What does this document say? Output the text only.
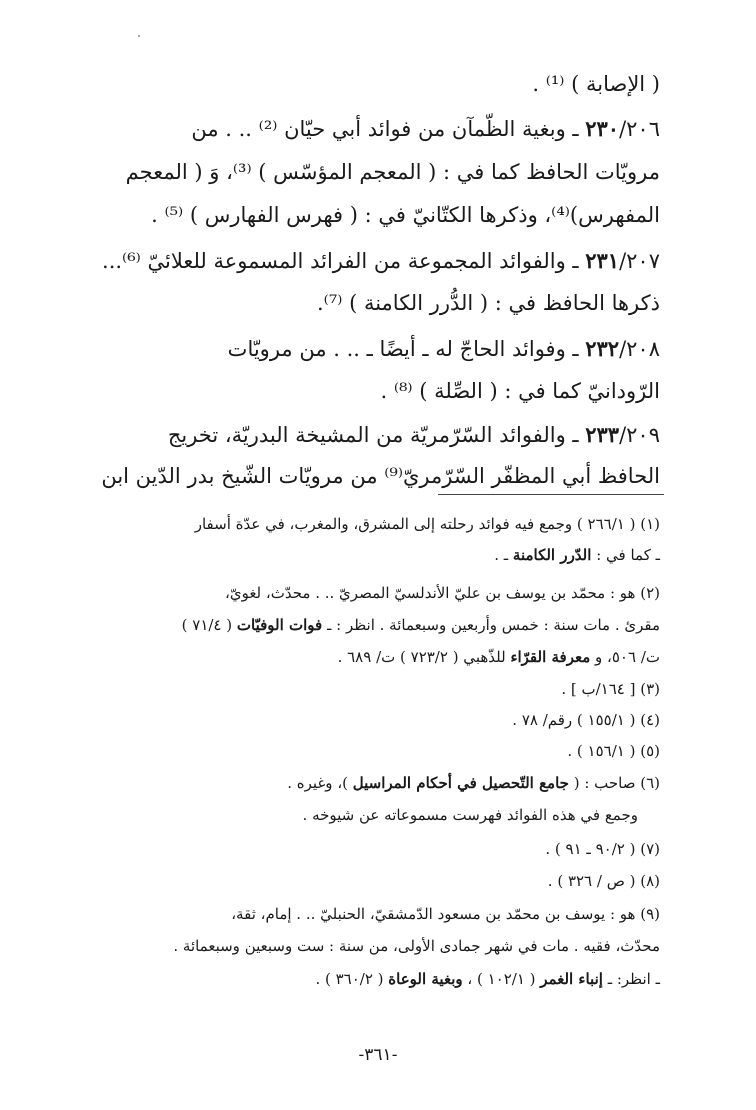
( الإصابة ) ⁽¹⁾ .
٢٣٠/٢٠٦ ـ وبغية الظّمآن من فوائد أبي حيّان ⁽²⁾ .. . من
مرويّات الحافظ كما في : ( المعجم المؤسّس ) ⁽³⁾، وَ ( المعجم
المفهرس)⁽⁴⁾، وذكرها الكتّانيّ في : ( فهرس الفهارس ) ⁽⁵⁾ .
٢٣١/٢٠٧ ـ والفوائد المجموعة من الفرائد المسموعة للعلائيّ ⁽⁶⁾...
ذكرها الحافظ في : ( الدُّرر الكامنة ) ⁽⁷⁾.
٢٣٢/٢٠٨ ـ وفوائد الحاجّ له ـ أيضًا ـ .. . من مرويّات
الرّودانيّ كما في : ( الصِّلة ) ⁽⁸⁾ .
٢٣٣/٢٠٩ ـ والفوائد السّرّمريّة من المشيخة البدريّة، تخريج
الحافظ أبي المظفّر السّرّمريّ⁽⁹⁾ من مرويّات الشّيخ بدر الدّين ابن
(١) ( ٢٦٦/١ ) وجمع فيه فوائد رحلته إلى المشرق، والمغرب، في عدّة أسفار
ـ كما في : الدّرر الكامنة ـ .
(٢) هو : محمّد بن يوسف بن عليّ الأندلسيّ المصريّ .. . محدّث، لغويّ،
مقرئ . مات سنة : خمس وأربعين وسبعمائة . انظر : ـ فوات الوفيّات ( ٧١/٤ )
ت/ ٥٠٦، و معرفة القرّاء للذّهبي ( ٧٢٣/٢ ) ت/ ٦٨٩ .
(٣) [ ١٦٤/ب ] .
(٤) ( ١٥٥/١ ) رقم/ ٧٨ .
(٥) ( ١٥٦/١ ) .
(٦) صاحب : ( جامع التّحصيل في أحكام المراسيل )، وغيره .
وجمع في هذه الفوائد فهرست مسموعاته عن شيوخه .
(٧) ( ٩٠/٢ ـ ٩١ ) .
(٨) ( ص / ٣٢٦ ) .
(٩) هو : يوسف بن محمّد بن مسعود الدّمشقيّ، الحنبليّ .. . إمام، ثقة،
محدّث، فقيه . مات في شهر جمادى الأولى، من سنة : ست وسبعين وسبعمائة .
ـ انظر: ـ إنباء الغمر ( ١٠٢/١ ) ، وبغية الوعاة ( ٣٦٠/٢ ) .
-٣٦١-
